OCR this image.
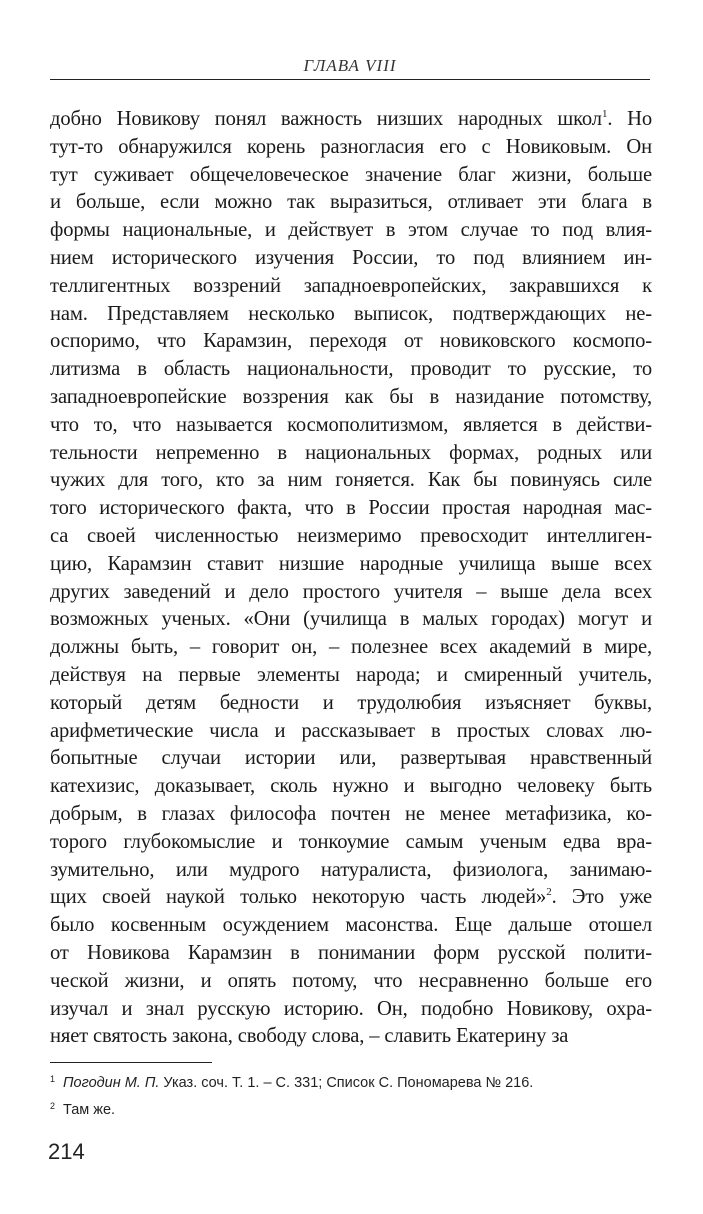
ГЛАВА VIII
добно Новикову понял важность низших народных школ$^1$. Но
тут-то обнаружился корень разногласия его с Новиковым. Он
тут суживает общечеловеческое значение благ жизни, больше
и больше, если можно так выразиться, отливает эти блага в
формы национальные, и действует в этом случае то под влия-
нием исторического изучения России, то под влиянием ин-
теллигентных воззрений западноевропейских, закравшихся к
нам. Представляем несколько выписок, подтверждающих не-
оспоримо, что Карамзин, переходя от новиковского космопо-
литизма в область национальности, проводит то русские, то
западноевропейские воззрения как бы в назидание потомству,
что то, что называется космополитизмом, является в действи-
тельности непременно в национальных формах, родных или
чужих для того, кто за ним гоняется. Как бы повинуясь силе
того исторического факта, что в России простая народная мас-
са своей численностью неизмеримо превосходит интеллиген-
цию, Карамзин ставит низшие народные училища выше всех
других заведений и дело простого учителя – выше дела всех
возможных ученых. «Они (училища в малых городах) могут и
должны быть, – говорит он, – полезнее всех академий в мире,
действуя на первые элементы народа; и смиренный учитель,
который детям бедности и трудолюбия изъясняет буквы,
арифметические числа и рассказывает в простых словах лю-
бопытные случаи истории или, развертывая нравственный
катехизис, доказывает, сколь нужно и выгодно человеку быть
добрым, в глазах философа почтен не менее метафизика, ко-
торого глубокомыслие и тонкоумие самым ученым едва вра-
зумительно, или мудрого натуралиста, физиолога, занимаю-
щих своей наукой только некоторую часть людей»$^2$. Это уже
было косвенным осуждением масонства. Еще дальше отошел
от Новикова Карамзин в понимании форм русской полити-
ческой жизни, и опять потому, что несравненно больше его
изучал и знал русскую историю. Он, подобно Новикову, охра-
няет святость закона, свободу слова, – славить Екатерину за
$^1$ Погодин М. П. Указ. соч. Т. 1. – С. 331; Список С. Пономарева № 216.
$^2$ Там же.
214
